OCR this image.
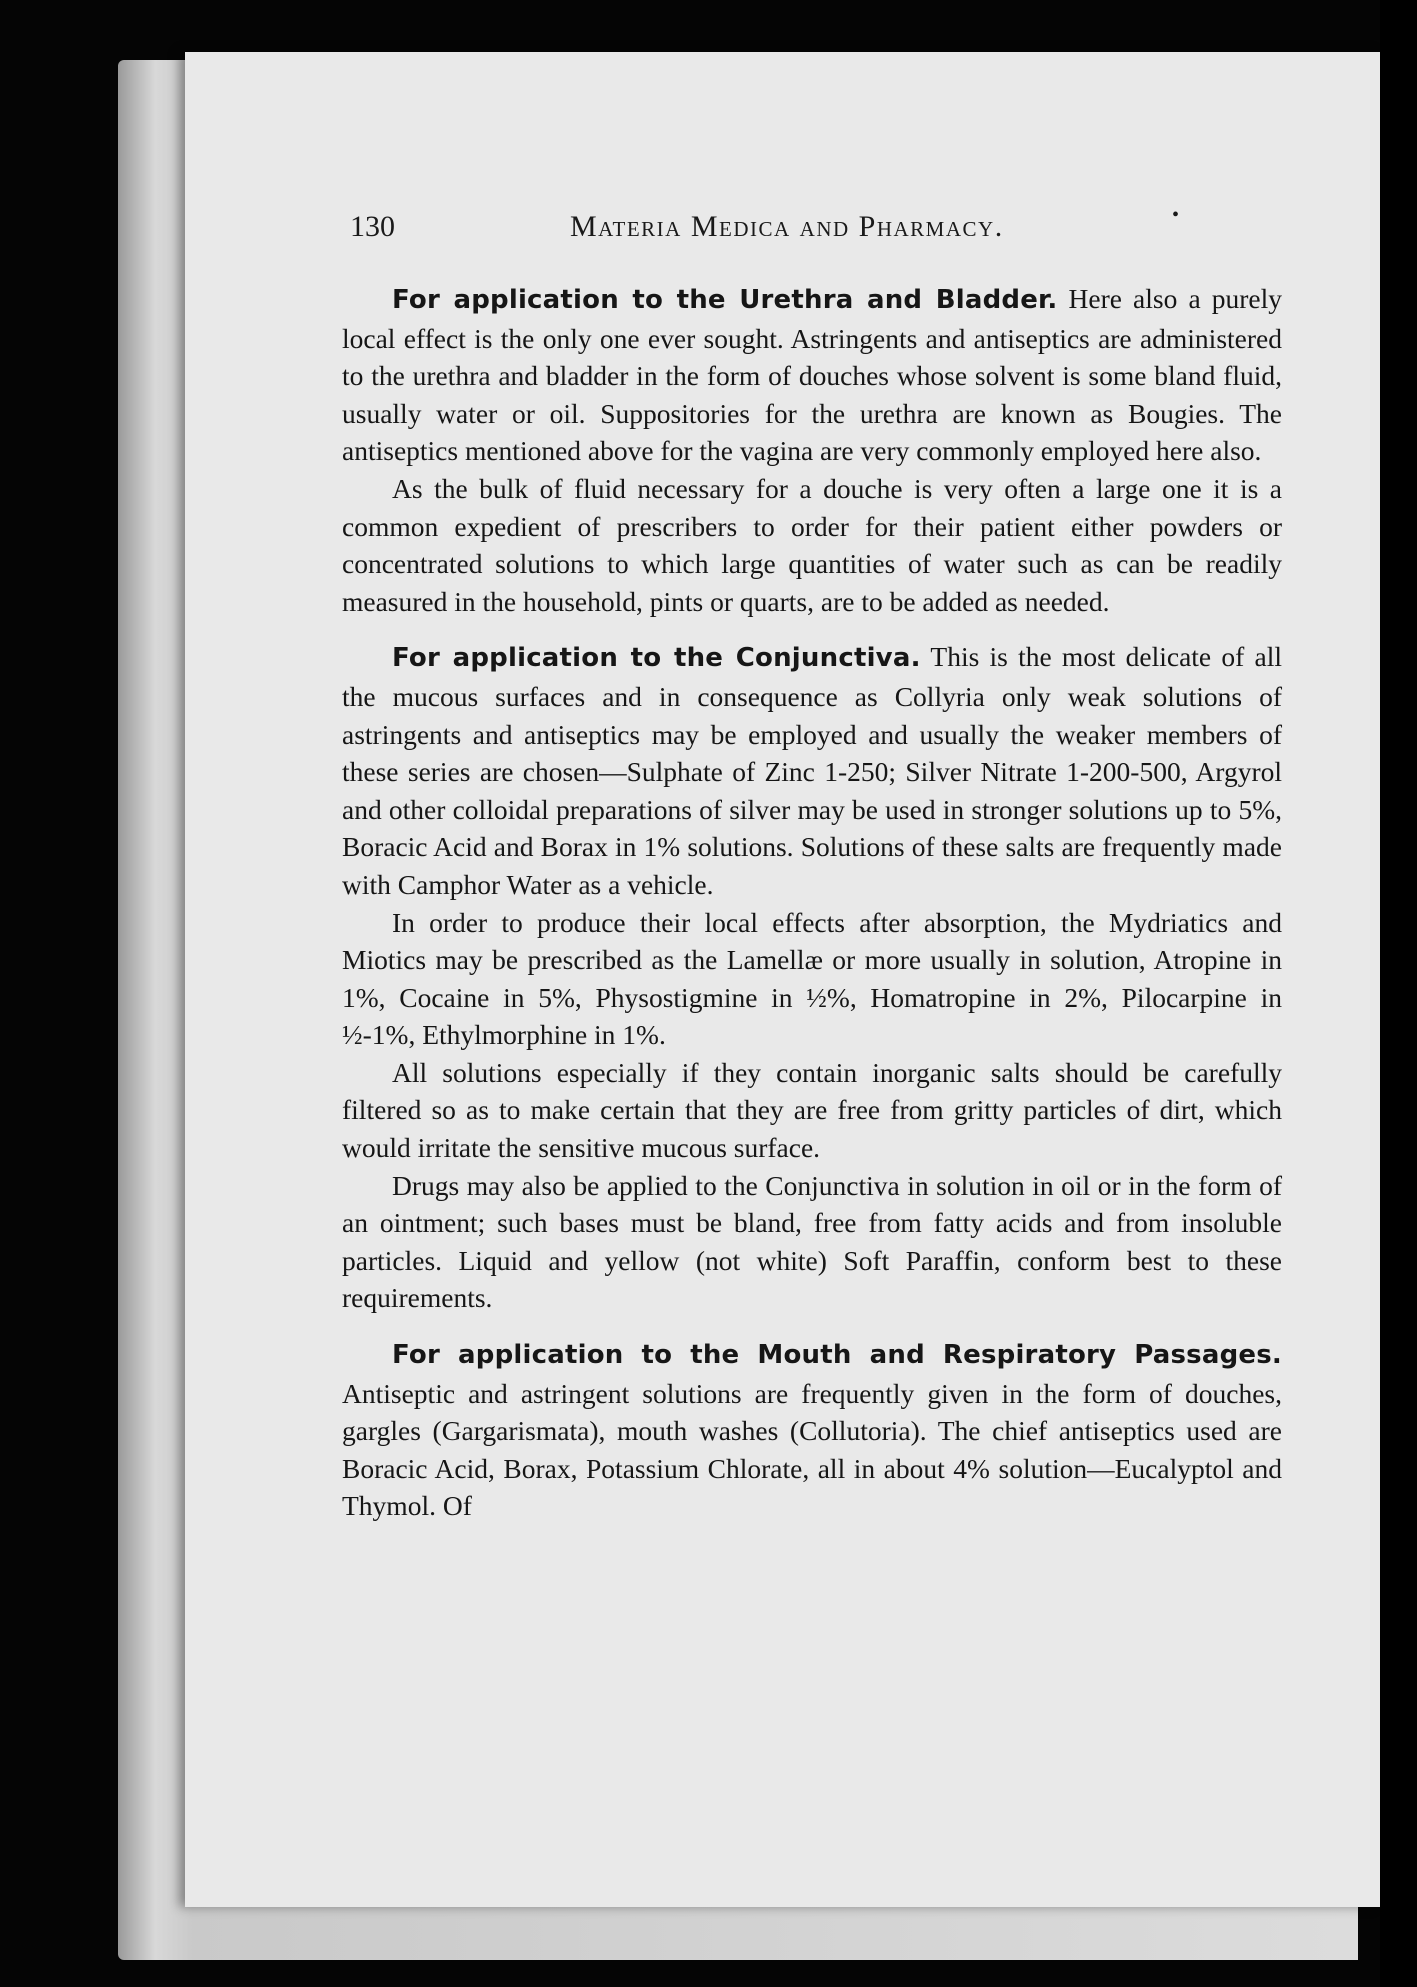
130	Materia Medica and Pharmacy.	•

For application to the Urethra and Bladder. Here also a purely local effect is the only one ever sought. Astringents and antiseptics are administered to the urethra and bladder in the form of douches whose solvent is some bland fluid, usually water or oil. Suppositories for the urethra are known as Bougies. The antiseptics mentioned above for the vagina are very commonly employed here also.

As the bulk of fluid necessary for a douche is very often a large one it is a common expedient of prescribers to order for their patient either powders or concentrated solutions to which large quantities of water such as can be readily measured in the household, pints or quarts, are to be added as needed.

For application to the Conjunctiva. This is the most delicate of all the mucous surfaces and in consequence as Collyria only weak solutions of astringents and antiseptics may be employed and usually the weaker members of these series are chosen—Sulphate of Zinc 1-250; Silver Nitrate 1-200-500, Argyrol and other colloidal preparations of silver may be used in stronger solutions up to 5%, Boracic Acid and Borax in 1% solutions. Solutions of these salts are frequently made with Camphor Water as a vehicle.

In order to produce their local effects after absorption, the Mydriatics and Miotics may be prescribed as the Lamellæ or more usually in solution, Atropine in 1%, Cocaine in 5%, Physostigmine in ½%, Homatropine in 2%, Pilocarpine in ½-1%, Ethylmorphine in 1%.

All solutions especially if they contain inorganic salts should be carefully filtered so as to make certain that they are free from gritty particles of dirt, which would irritate the sensitive mucous surface.

Drugs may also be applied to the Conjunctiva in solution in oil or in the form of an ointment; such bases must be bland, free from fatty acids and from insoluble particles. Liquid and yellow (not white) Soft Paraffin, conform best to these requirements.

For application to the Mouth and Respiratory Passages. Antiseptic and astringent solutions are frequently given in the form of douches, gargles (Gargarismata), mouth washes (Collutoria). The chief antiseptics used are Boracic Acid, Borax, Potassium Chlorate, all in about 4% solution—Eucalyptol and Thymol. Of
